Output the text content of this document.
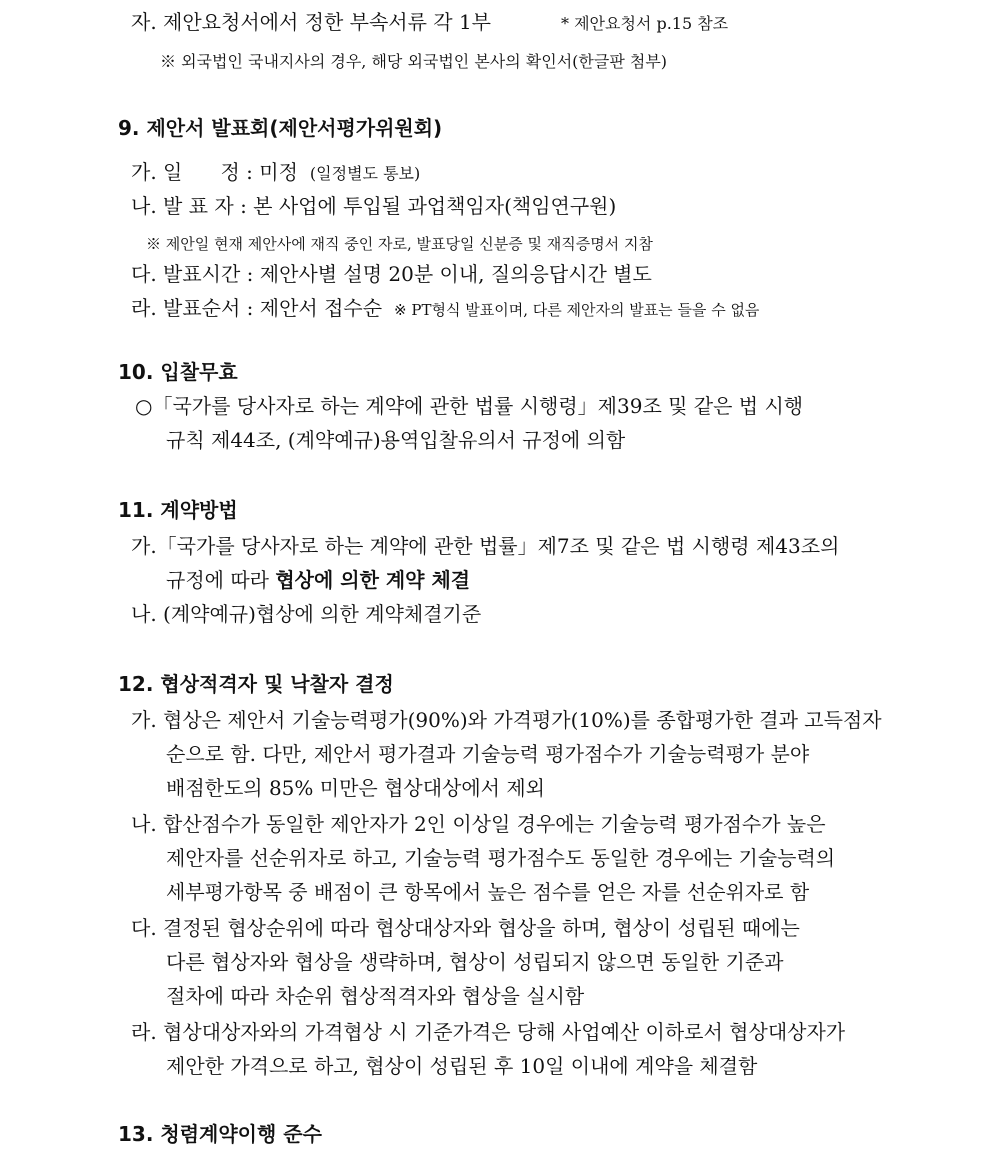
자. 제안요청서에서 정한 부속서류 각 1부	* 제안요청서 p.15 참조
※ 외국법인 국내지사의 경우, 해당 외국법인 본사의 확인서(한글판 첨부)
9. 제안서 발표회(제안서평가위원회)
가. 일      정 : 미정 (일정별도 통보)
나. 발 표 자 : 본 사업에 투입될 과업책임자(책임연구원)
※ 제안일 현재 제안사에 재직 중인 자로, 발표당일 신분증 및 재직증명서 지참
다. 발표시간 : 제안사별 설명 20분 이내, 질의응답시간 별도
라. 발표순서 : 제안서 접수순 ※ PT형식 발표이며, 다른 제안자의 발표는 들을 수 없음
10. 입찰무효
○「국가를 당사자로 하는 계약에 관한 법률 시행령」제39조 및 같은 법 시행
규칙 제44조, (계약예규)용역입찰유의서 규정에 의함
11. 계약방법
가.「국가를 당사자로 하는 계약에 관한 법률」제7조 및 같은 법 시행령 제43조의
규정에 따라 협상에 의한 계약 체결
나. (계약예규)협상에 의한 계약체결기준
12. 협상적격자 및 낙찰자 결정
가. 협상은 제안서 기술능력평가(90%)와 가격평가(10%)를 종합평가한 결과 고득점자
순으로 함. 다만, 제안서 평가결과 기술능력 평가점수가 기술능력평가 분야
배점한도의 85% 미만은 협상대상에서 제외
나. 합산점수가 동일한 제안자가 2인 이상일 경우에는 기술능력 평가점수가 높은
제안자를 선순위자로 하고, 기술능력 평가점수도 동일한 경우에는 기술능력의
세부평가항목 중 배점이 큰 항목에서 높은 점수를 얻은 자를 선순위자로 함
다. 결정된 협상순위에 따라 협상대상자와 협상을 하며, 협상이 성립된 때에는
다른 협상자와 협상을 생략하며, 협상이 성립되지 않으면 동일한 기준과
절차에 따라 차순위 협상적격자와 협상을 실시함
라. 협상대상자와의 가격협상 시 기준가격은 당해 사업예산 이하로서 협상대상자가
제안한 가격으로 하고, 협상이 성립된 후 10일 이내에 계약을 체결함
13. 청렴계약이행 준수
